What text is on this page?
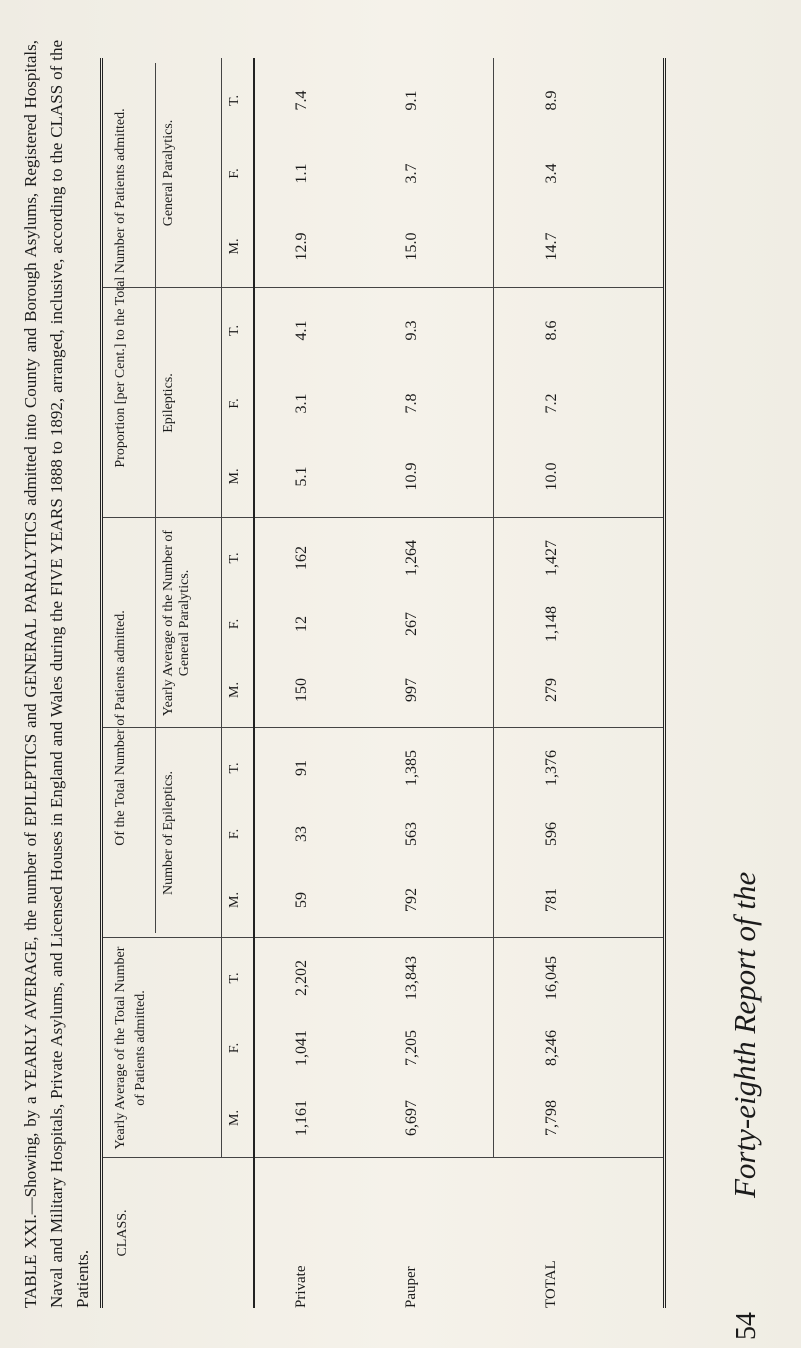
54
Forty-eighth Report of the
TABLE XXI.—Showing, by a YEARLY AVERAGE, the number of EPILEPTICS and GENERAL PARALYTICS admitted into County and Borough Asylums, Registered Hospitals, Naval and Military Hospitals, Private Asylums, and Licensed Houses in England and Wales during the FIVE YEARS 1888 to 1892, arranged, inclusive, according to the CLASS of the Patients.
CLASS.
Yearly Average of the Total Number of Patients admitted.
Of the Total Number of Patients admitted.
Proportion [per Cent.] to the Total Number of Patients admitted.
Number of Epileptics.
Yearly Average of the Number of General Paralytics.
Epileptics.
General Paralytics.
M.
F.
T.
M.
F.
T.
M.
F.
T.
M.
F.
T.
M.
F.
T.
Private	Pauper	TOTAL
1,161
1,041
2,202
59
33
91
150
12
162
5.1
3.1
4.1
12.9
1.1
7.4
6,697
7,205
13,843
792
563
1,385
997
267
1,264
10.9
7.8
9.3
15.0
3.7
9.1
7,798
8,246
16,045
781
596
1,376
279
1,148
1,427
10.0
7.2
8.6
14.7
3.4
8.9
